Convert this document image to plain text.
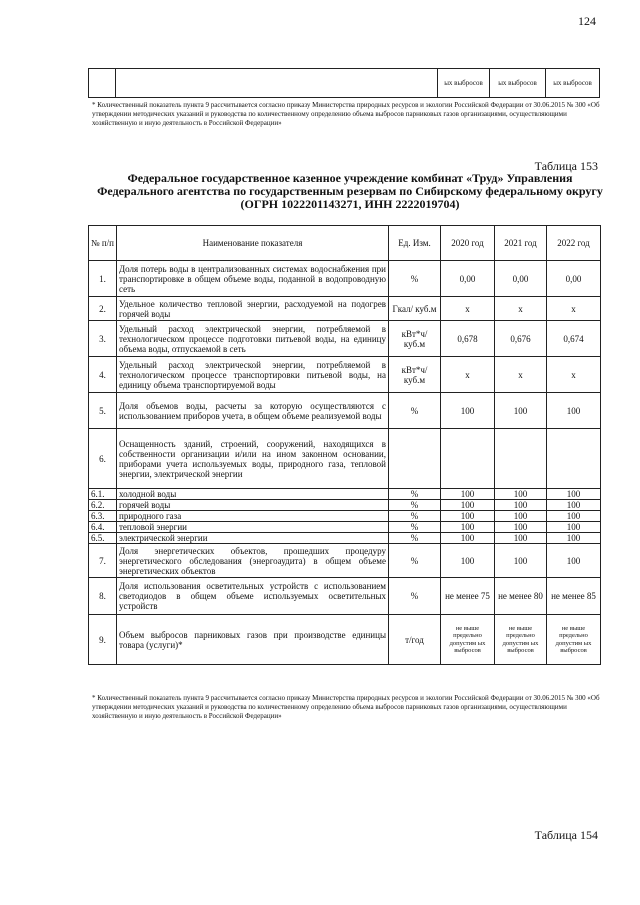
124
		ых выбросов	ых выбросов	ых выбросов
* Количественный показатель пункта 9 рассчитывается согласно приказу Министерства природных ресурсов и экологии Российской Федерации от 30.06.2015 № 300 «Об утверждении методических указаний и руководства по количественному определению объема выбросов парниковых газов организациями, осуществляющими хозяйственную и иную деятельность в Российской Федерации»
Таблица 153
Федеральное государственное казенное учреждение комбинат «Труд» Управления Федерального агентства по государственным резервам по Сибирскому федеральному округу (ОГРН 1022201143271, ИНН 2222019704)
№ п/п	Наименование показателя	Ед. Изм.	2020 год	2021 год	2022 год
1.	Доля потерь воды в централизованных системах водоснабжения при транспортировке в общем объеме воды, поданной в водопроводную сеть	%	0,00	0,00	0,00
2.	Удельное количество тепловой энергии, расходуемой на подогрев горячей воды	Гкал/ куб.м	х	х	х
3.	Удельный расход электрической энергии, потребляемой в технологическом процессе подготовки питьевой воды, на единицу объема воды, отпускаемой в сеть	кВт*ч/ куб.м	0,678	0,676	0,674
4.	Удельный расход электрической энергии, потребляемой в технологическом процессе транспортировки питьевой воды, на единицу объема транспортируемой воды	кВт*ч/ куб.м	х	х	х
5.	Доля объемов воды, расчеты за которую осуществляются с использованием приборов учета, в общем объеме реализуемой воды	%	100	100	100
6.	Оснащенность зданий, строений, сооружений, находящихся в собственности организации и/или на ином законном основании, приборами учета используемых воды, природного газа, тепловой энергии, электрической энергии				
6.1.	холодной воды	%	100	100	100
6.2.	горячей воды	%	100	100	100
6.3.	природного газа	%	100	100	100
6.4.	тепловой энергии	%	100	100	100
6.5.	электрической энергии	%	100	100	100
7.	Доля энергетических объектов, прошедших процедуру энергетического обследования (энергоаудита) в общем объеме энергетических объектов	%	100	100	100
8.	Доля использования осветительных устройств с использованием светодиодов в общем объеме используемых осветительных устройств	%	не менее 75	не менее 80	не менее 85
9.	Объем выбросов парниковых газов при производстве единицы товара (услуги)*	т/год	не выше предельно допустим ых выбросов	не выше предельно допустим ых выбросов	не выше предельно допустим ых выбросов
* Количественный показатель пункта 9 рассчитывается согласно приказу Министерства природных ресурсов и экологии Российской Федерации от 30.06.2015 № 300 «Об утверждении методических указаний и руководства по количественному определению объема выбросов парниковых газов организациями, осуществляющими хозяйственную и иную деятельность в Российской Федерации»
Таблица 154
